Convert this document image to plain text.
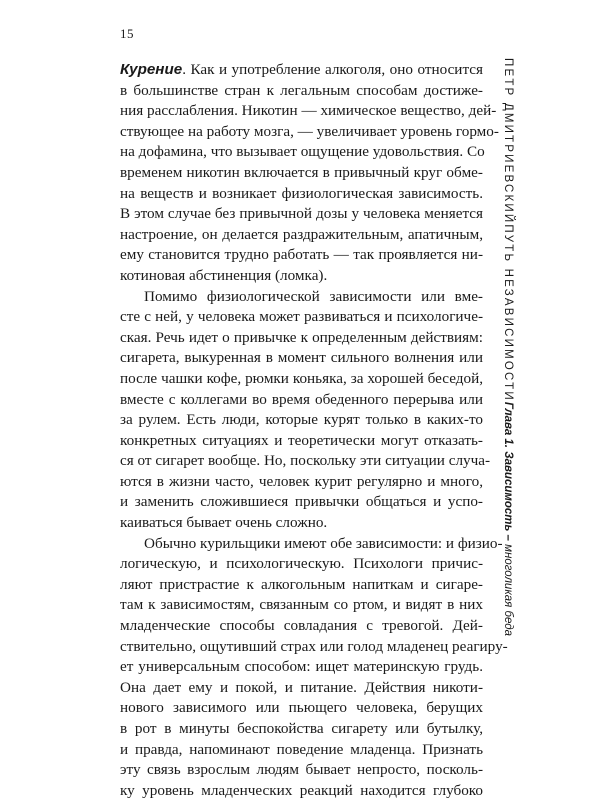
15
ПЕТР ДМИТРИЕВСКИЙПУТЬ НЕЗАВИСИМОСТИГлава 1. Зависимость – многоликая беда
Курение. Как и употребление алкоголя, оно относится
в большинстве стран к легальным способам достиже-
ния расслабления. Никотин — химическое вещество, дей-
ствующее на работу мозга, — увеличивает уровень гормо-
на дофамина, что вызывает ощущение удовольствия. Со
временем никотин включается в привычный круг обме-
на веществ и возникает физиологическая зависимость.
В этом случае без привычной дозы у человека меняется
настроение, он делается раздражительным, апатичным,
ему становится трудно работать — так проявляется ни-
котиновая абстиненция (ломка).
Помимо физиологической зависимости или вме-
сте с ней, у человека может развиваться и психологиче-
ская. Речь идет о привычке к определенным действиям:
сигарета, выкуренная в момент сильного волнения или
после чашки кофе, рюмки коньяка, за хорошей беседой,
вместе с коллегами во время обеденного перерыва или
за рулем. Есть люди, которые курят только в каких-то
конкретных ситуациях и теоретически могут отказать-
ся от сигарет вообще. Но, поскольку эти ситуации случа-
ются в жизни часто, человек курит регулярно и много,
и заменить сложившиеся привычки общаться и успо-
каиваться бывает очень сложно.
Обычно курильщики имеют обе зависимости: и физио-
логическую, и психологическую. Психологи причис-
ляют пристрастие к алкогольным напиткам и сигаре-
там к зависимостям, связанным со ртом, и видят в них
младенческие способы совладания с тревогой. Дей-
ствительно, ощутивший страх или голод младенец реагиру-
ет универсальным способом: ищет материнскую грудь.
Она дает ему и покой, и питание. Действия никоти-
нового зависимого или пьющего человека, берущих
в рот в минуты беспокойства сигарету или бутылку,
и правда, напоминают поведение младенца. Признать
эту связь взрослым людям бывает непросто, посколь-
ку уровень младенческих реакций находится глубоко
